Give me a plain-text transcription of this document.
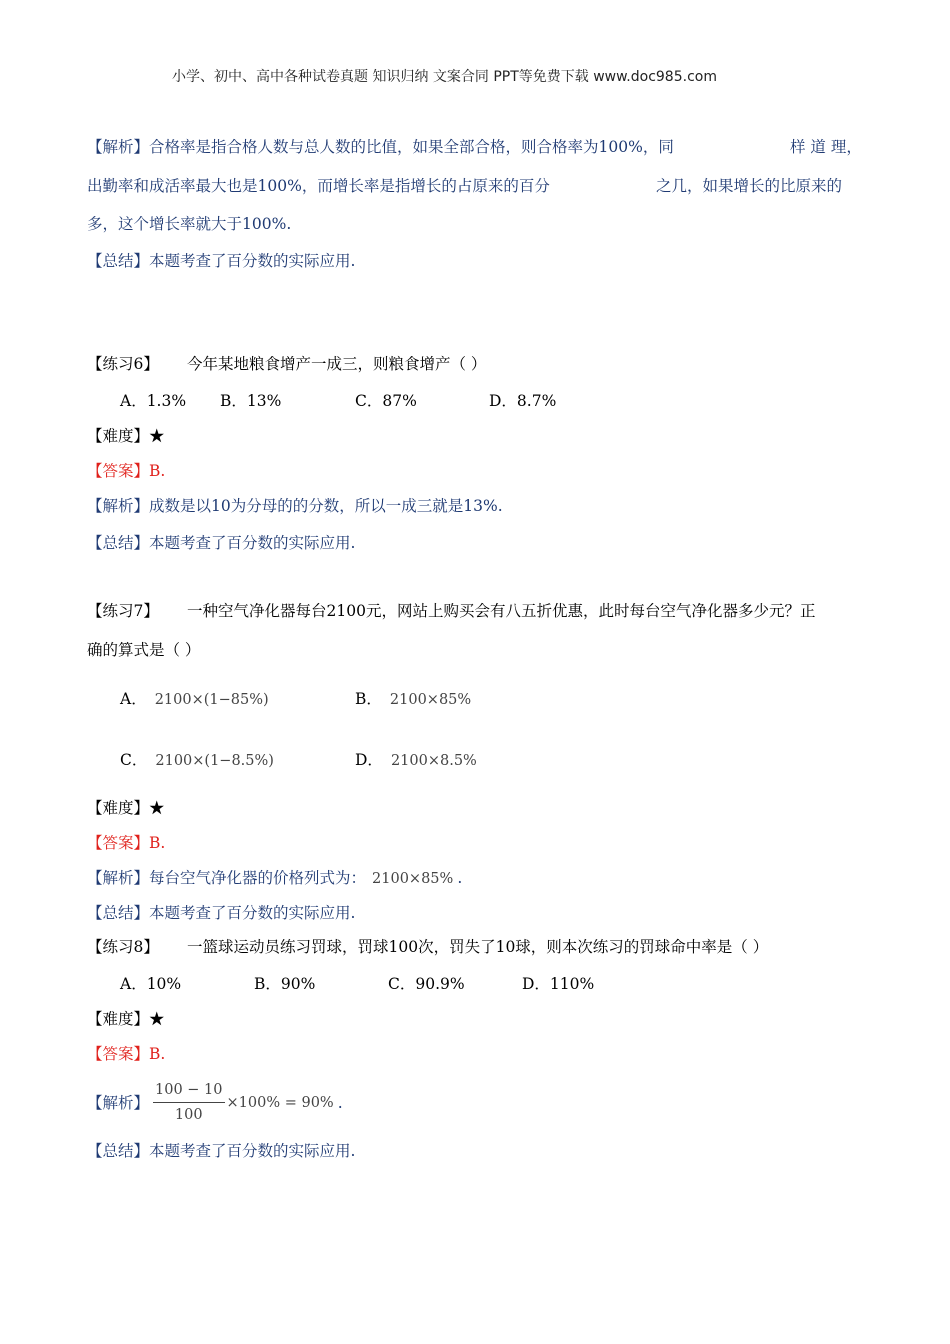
小学、初中、高中各种试卷真题 知识归纳 文案合同 PPT等免费下载 www.doc985.com
【解析】合格率是指合格人数与总人数的比值，如果全部合格，则合格率为100%，同	样 道 理，
出勤率和成活率最大也是100%，而增长率是指增长的占原来的百分	之几，如果增长的比原来的
多，这个增长率就大于100%.
【总结】本题考查了百分数的实际应用.
【练习6】 今年某地粮食增产一成三，则粮食增产（ ）
A．1.3% B．13%	C．87%	D．8.7%
【难度】★
【答案】B.
【解析】成数是以10为分母的的分数，所以一成三就是13%.
【总结】本题考查了百分数的实际应用.
【练习7】 一种空气净化器每台2100元，网站上购买会有八五折优惠，此时每台空气净化器多少元？正
确的算式是（ ）
A． 2100×(1−85%)	B． 2100×85%
C． 2100×(1−8.5%)	D． 2100×8.5%
【难度】★
【答案】B.
【解析】每台空气净化器的价格列式为： 2100×85% .
【总结】本题考查了百分数的实际应用.
【练习8】 一篮球运动员练习罚球，罚球100次，罚失了10球，则本次练习的罚球命中率是（ ）
A．10%	B．90%	C．90.9%	D．110%
【难度】★
【答案】B.
【解析】 $\frac{100 - 10}{100} \times 100\% = 90\%$ .
【总结】本题考查了百分数的实际应用.
